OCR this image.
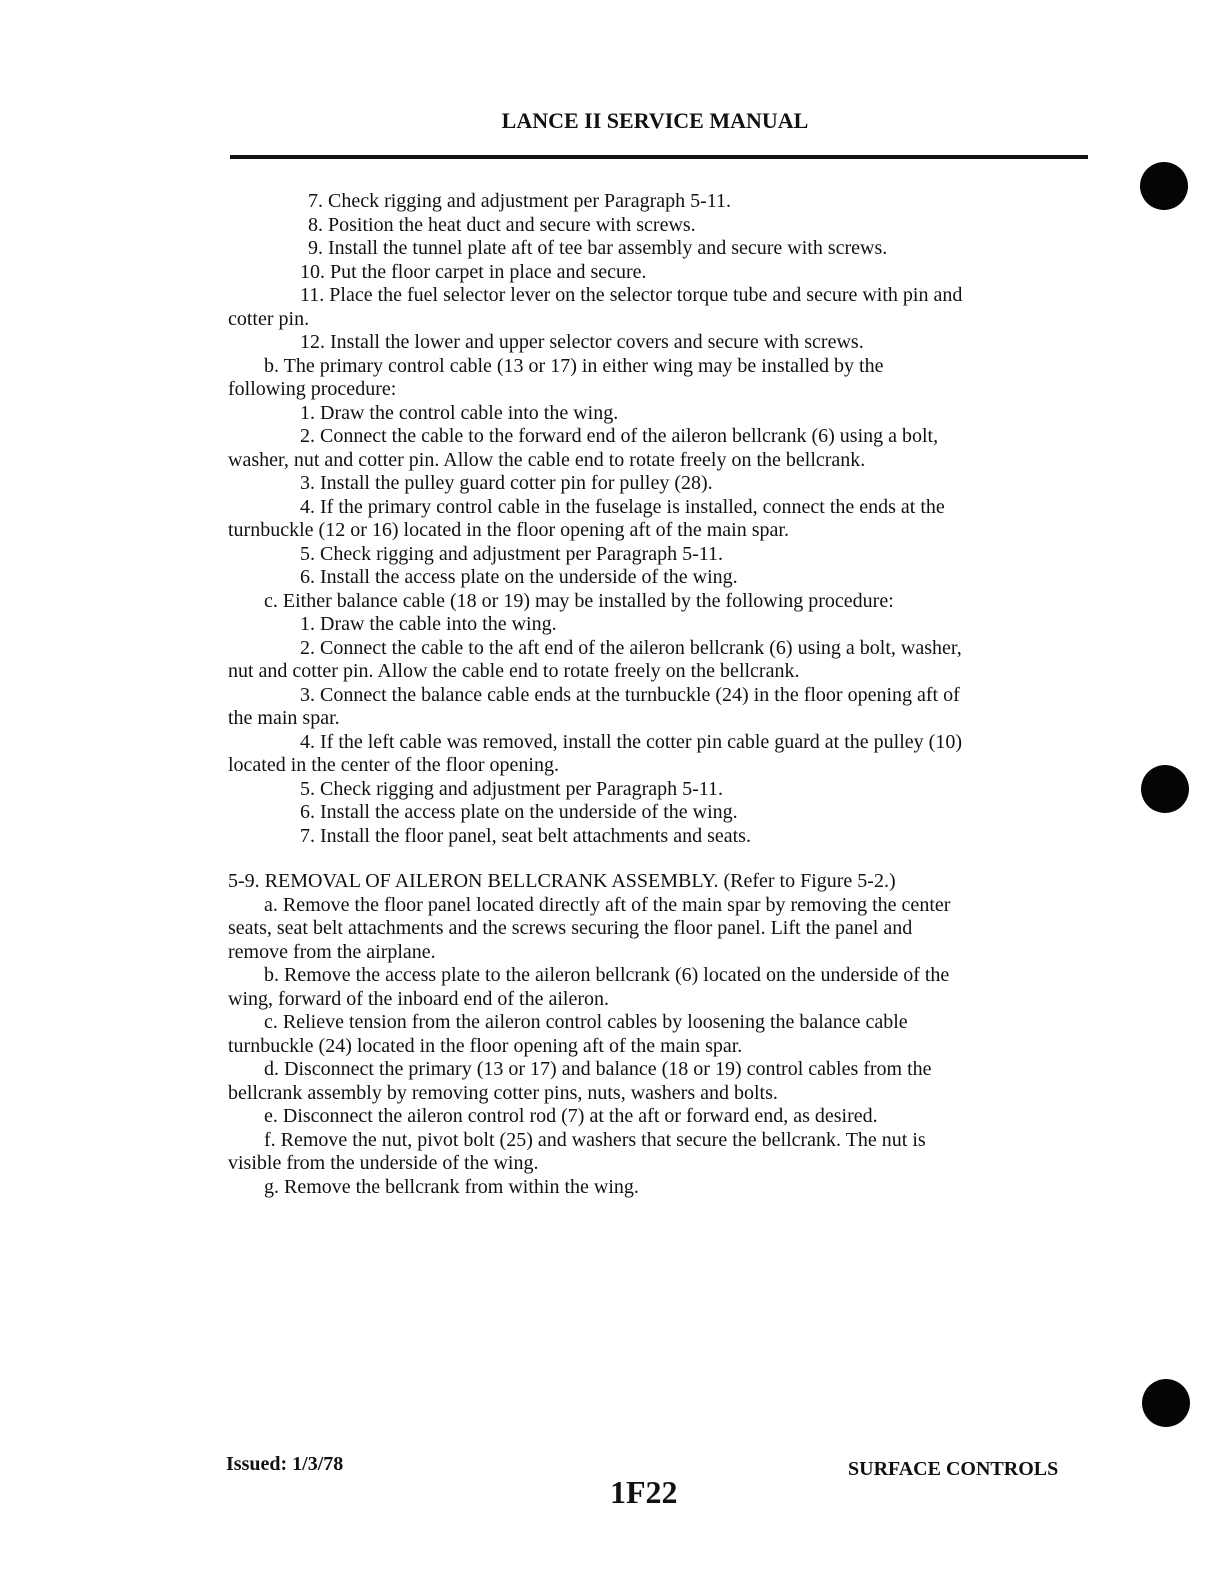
LANCE II SERVICE MANUAL
7. Check rigging and adjustment per Paragraph 5-11.
8. Position the heat duct and secure with screws.
9. Install the tunnel plate aft of tee bar assembly and secure with screws.
10. Put the floor carpet in place and secure.
11. Place the fuel selector lever on the selector torque tube and secure with pin and
cotter pin.
12. Install the lower and upper selector covers and secure with screws.
b. The primary control cable (13 or 17) in either wing may be installed by the
following procedure:
1. Draw the control cable into the wing.
2. Connect the cable to the forward end of the aileron bellcrank (6) using a bolt,
washer, nut and cotter pin. Allow the cable end to rotate freely on the bellcrank.
3. Install the pulley guard cotter pin for pulley (28).
4. If the primary control cable in the fuselage is installed, connect the ends at the
turnbuckle (12 or 16) located in the floor opening aft of the main spar.
5. Check rigging and adjustment per Paragraph 5-11.
6. Install the access plate on the underside of the wing.
c. Either balance cable (18 or 19) may be installed by the following procedure:
1. Draw the cable into the wing.
2. Connect the cable to the aft end of the aileron bellcrank (6) using a bolt, washer,
nut and cotter pin. Allow the cable end to rotate freely on the bellcrank.
3. Connect the balance cable ends at the turnbuckle (24) in the floor opening aft of
the main spar.
4. If the left cable was removed, install the cotter pin cable guard at the pulley (10)
located in the center of the floor opening.
5. Check rigging and adjustment per Paragraph 5-11.
6. Install the access plate on the underside of the wing.
7. Install the floor panel, seat belt attachments and seats.
5-9. REMOVAL OF AILERON BELLCRANK ASSEMBLY. (Refer to Figure 5-2.)
a. Remove the floor panel located directly aft of the main spar by removing the center
seats, seat belt attachments and the screws securing the floor panel. Lift the panel and
remove from the airplane.
b. Remove the access plate to the aileron bellcrank (6) located on the underside of the
wing, forward of the inboard end of the aileron.
c. Relieve tension from the aileron control cables by loosening the balance cable
turnbuckle (24) located in the floor opening aft of the main spar.
d. Disconnect the primary (13 or 17) and balance (18 or 19) control cables from the
bellcrank assembly by removing cotter pins, nuts, washers and bolts.
e. Disconnect the aileron control rod (7) at the aft or forward end, as desired.
f. Remove the nut, pivot bolt (25) and washers that secure the bellcrank. The nut is
visible from the underside of the wing.
g. Remove the bellcrank from within the wing.
Issued: 1/3/78
1F22
SURFACE CONTROLS
